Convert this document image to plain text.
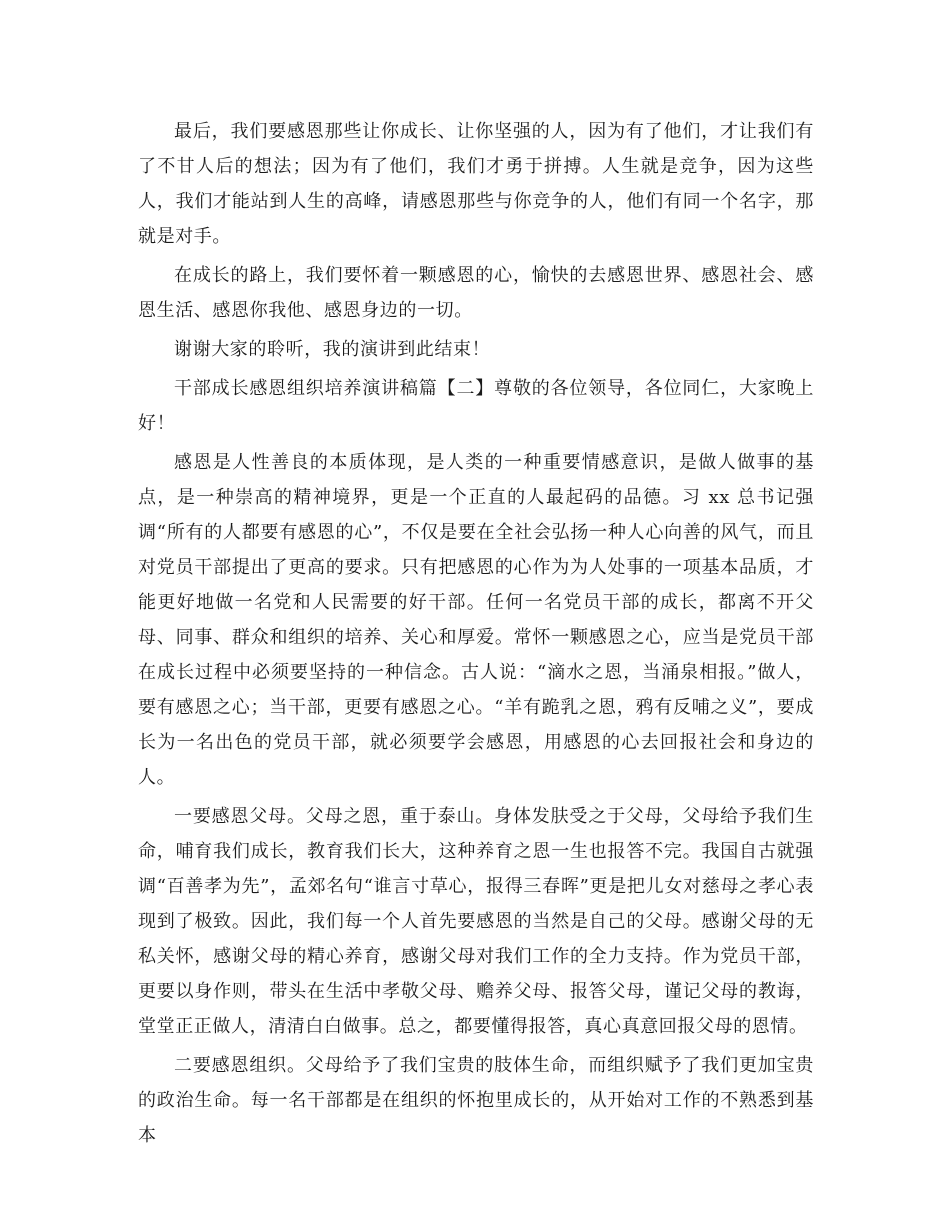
最后，我们要感恩那些让你成长、让你坚强的人，因为有了他们，才让我们有了不甘人后的想法；因为有了他们，我们才勇于拼搏。人生就是竞争，因为这些人，我们才能站到人生的高峰，请感恩那些与你竞争的人，他们有同一个名字，那就是对手。

在成长的路上，我们要怀着一颗感恩的心，愉快的去感恩世界、感恩社会、感恩生活、感恩你我他、感恩身边的一切。

谢谢大家的聆听，我的演讲到此结束！

干部成长感恩组织培养演讲稿篇【二】尊敬的各位领导，各位同仁，大家晚上好！

感恩是人性善良的本质体现，是人类的一种重要情感意识，是做人做事的基点，是一种崇高的精神境界，更是一个正直的人最起码的品德。习 xx 总书记强调“所有的人都要有感恩的心”，不仅是要在全社会弘扬一种人心向善的风气，而且对党员干部提出了更高的要求。只有把感恩的心作为为人处事的一项基本品质，才能更好地做一名党和人民需要的好干部。任何一名党员干部的成长，都离不开父母、同事、群众和组织的培养、关心和厚爱。常怀一颗感恩之心，应当是党员干部在成长过程中必须要坚持的一种信念。古人说：“滴水之恩，当涌泉相报。”做人，要有感恩之心；当干部，更要有感恩之心。“羊有跪乳之恩，鸦有反哺之义”，要成长为一名出色的党员干部，就必须要学会感恩，用感恩的心去回报社会和身边的人。

一要感恩父母。父母之恩，重于泰山。身体发肤受之于父母，父母给予我们生命，哺育我们成长，教育我们长大，这种养育之恩一生也报答不完。我国自古就强调“百善孝为先”，孟郊名句“谁言寸草心，报得三春晖”更是把儿女对慈母之孝心表现到了极致。因此，我们每一个人首先要感恩的当然是自己的父母。感谢父母的无私关怀，感谢父母的精心养育，感谢父母对我们工作的全力支持。作为党员干部，更要以身作则，带头在生活中孝敬父母、赡养父母、报答父母，谨记父母的教诲，堂堂正正做人，清清白白做事。总之，都要懂得报答，真心真意回报父母的恩情。

二要感恩组织。父母给予了我们宝贵的肢体生命，而组织赋予了我们更加宝贵的政治生命。每一名干部都是在组织的怀抱里成长的，从开始对工作的不熟悉到基本
